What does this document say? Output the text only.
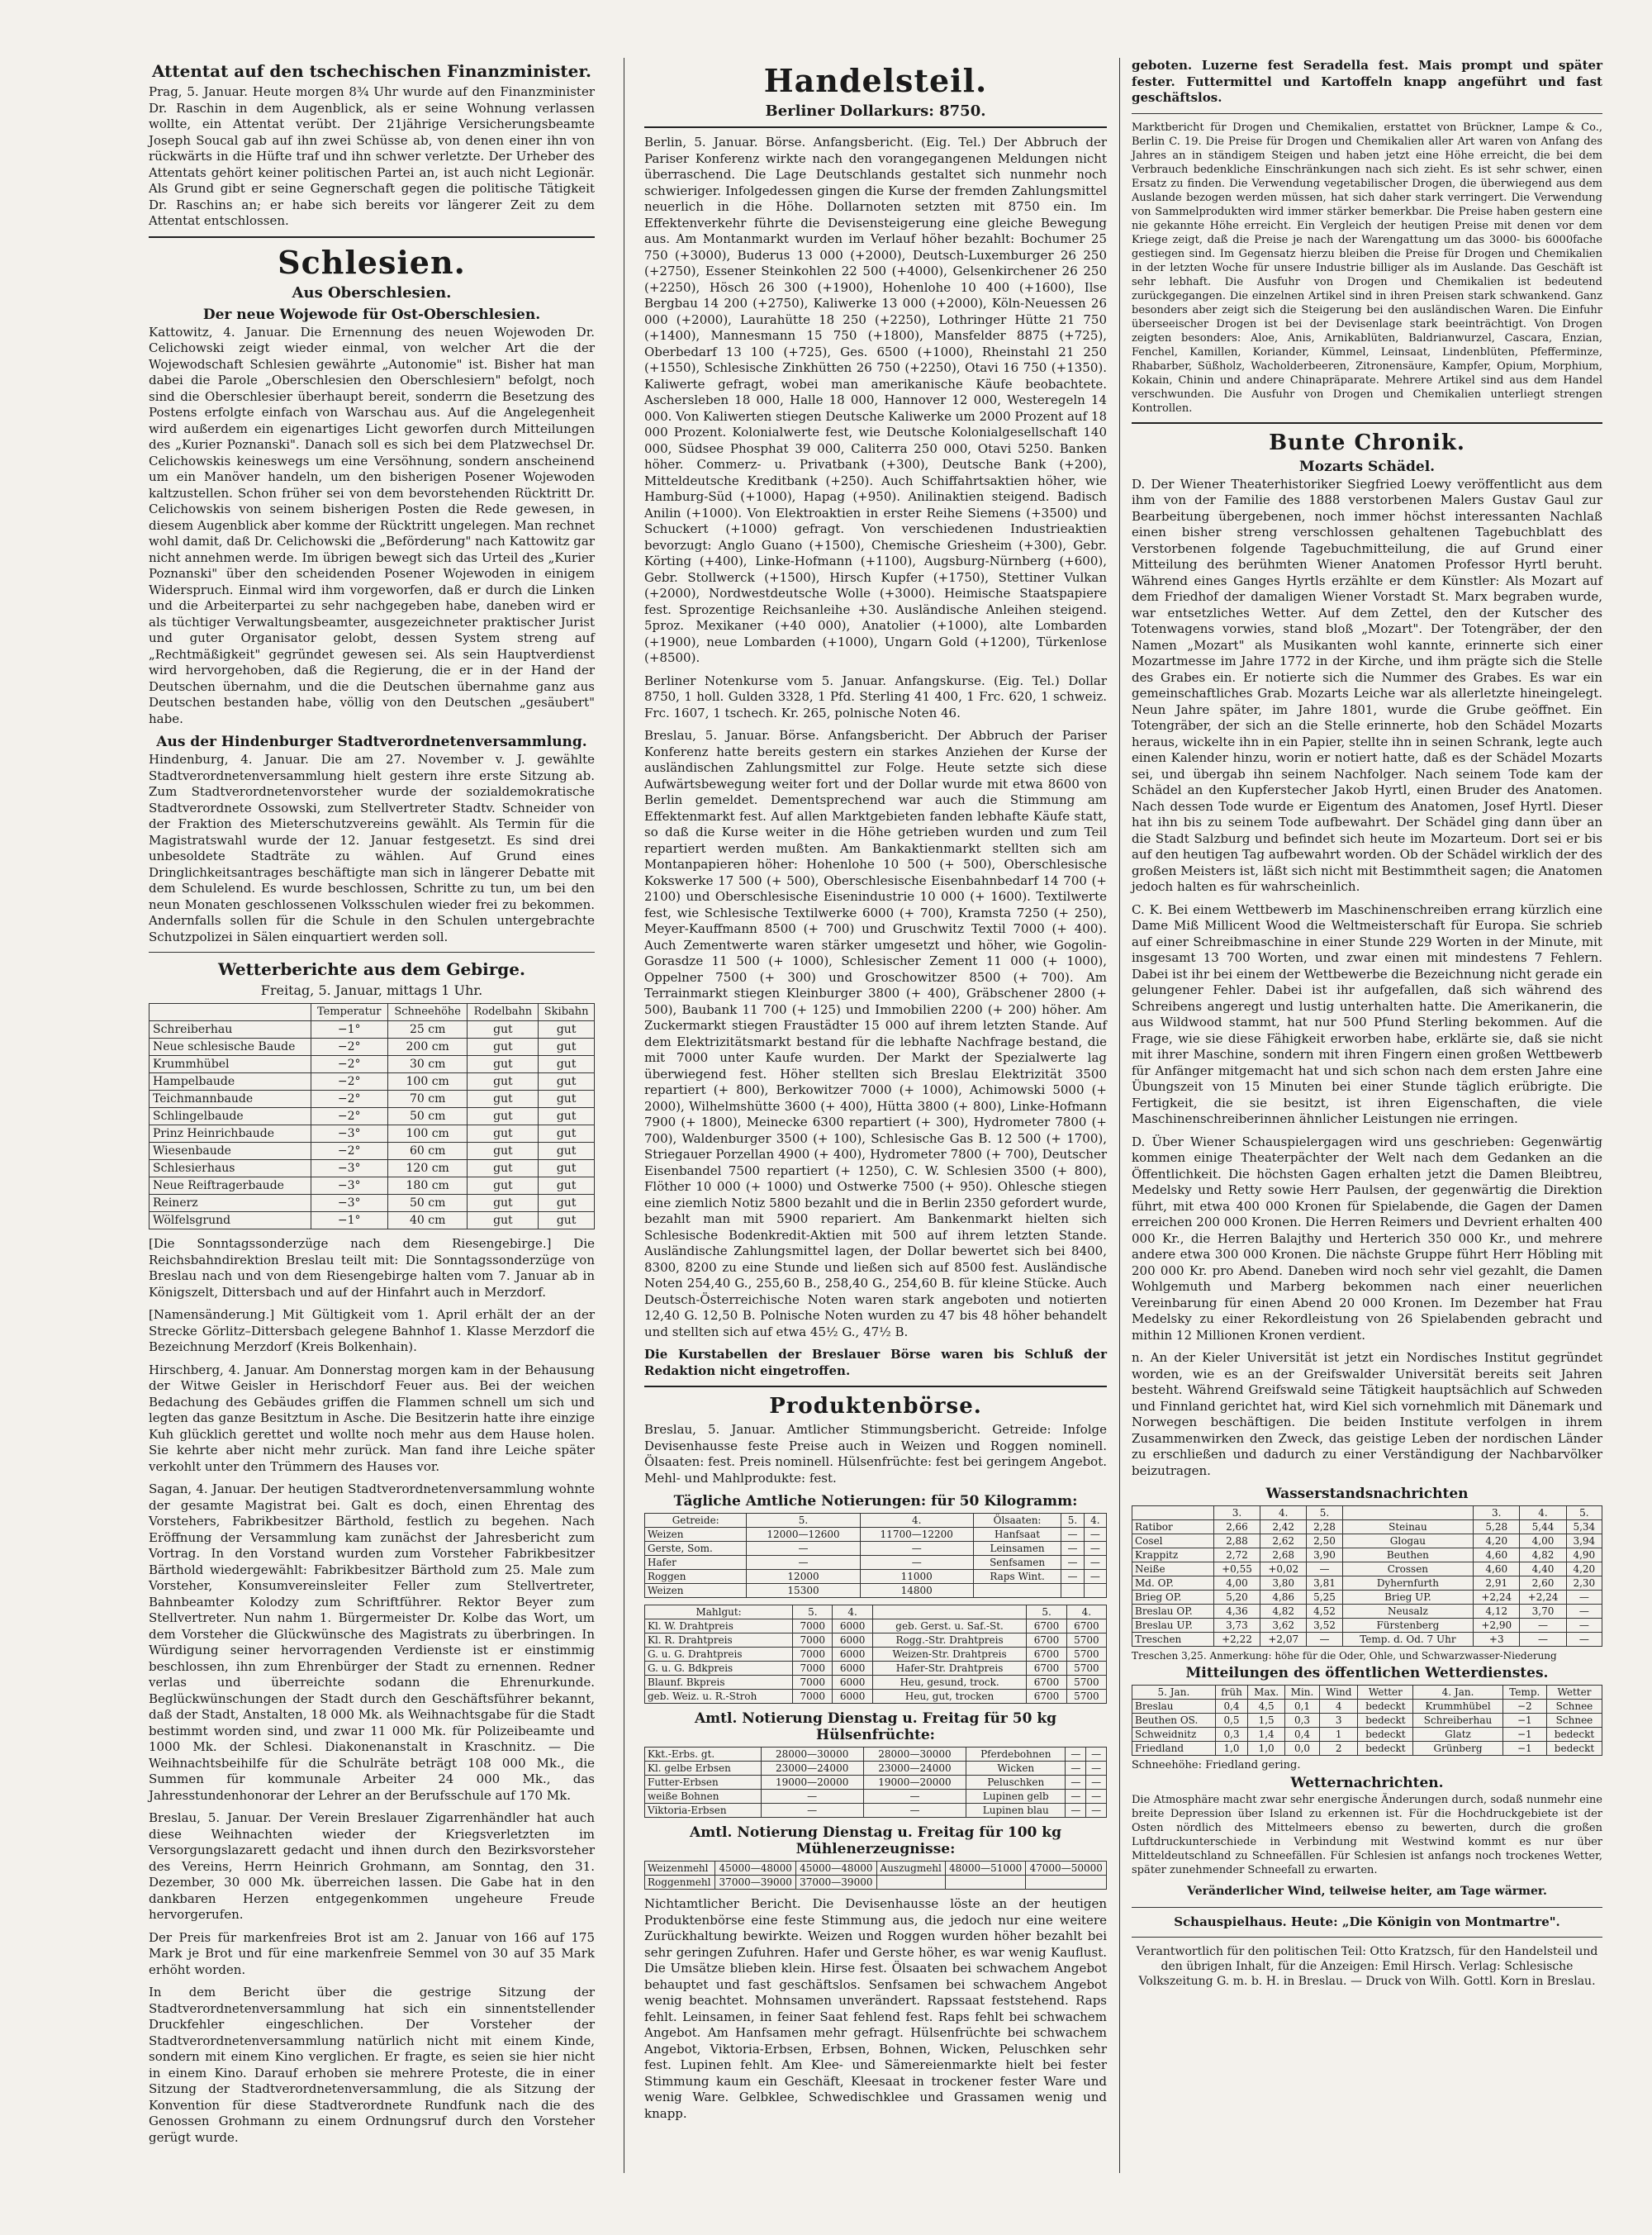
Attentat auf den tschechischen Finanzminister.

Prag, 5. Januar. Heute morgen 8¾ Uhr wurde auf den Finanzminister Dr. Raschin in dem Augenblick, als er seine Wohnung verlassen wollte, ein Attentat verübt. Der 21jährige Versicherungsbeamte Joseph Soucal gab auf ihn zwei Schüsse ab, von denen einer ihn von rückwärts in die Hüfte traf und ihn schwer verletzte. Der Urheber des Attentats gehört keiner politischen Partei an, ist auch nicht Legionär. Als Grund gibt er seine Gegnerschaft gegen die politische Tätigkeit Dr. Raschins an; er habe sich bereits vor längerer Zeit zu dem Attentat entschlossen.

Schlesien.
Aus Oberschlesien.
Der neue Wojewode für Ost-Oberschlesien.

Kattowitz, 4. Januar. Die Ernennung des neuen Wojewoden Dr. Celichowski zeigt wieder einmal, von welcher Art die der Wojewodschaft Schlesien gewährte „Autonomie" ist. Bisher hat man dabei die Parole „Oberschlesien den Oberschlesiern" befolgt, noch sind die Oberschlesier überhaupt bereit, sonderrn die Besetzung des Postens erfolgte einfach von Warschau aus. Auf die Angelegenheit wird außerdem ein eigenartiges Licht geworfen durch Mitteilungen des „Kurier Poznanski". Danach soll es sich bei dem Platzwechsel Dr. Celichowskis keineswegs um eine Versöhnung, sondern anscheinend um ein Manöver handeln, um den bisherigen Posener Wojewoden kaltzustellen. Schon früher sei von dem bevorstehenden Rücktritt Dr. Celichowskis von seinem bisherigen Posten die Rede gewesen, in diesem Augenblick aber komme der Rücktritt ungelegen. Man rechnet wohl damit, daß Dr. Celichowski die „Beförderung" nach Kattowitz gar nicht annehmen werde. Im übrigen bewegt sich das Urteil des „Kurier Poznanski" über den scheidenden Posener Wojewoden in einigem Widerspruch. Einmal wird ihm vorgeworfen, daß er durch die Linken und die Arbeiterpartei zu sehr nachgegeben habe, daneben wird er als tüchtiger Verwaltungsbeamter, ausgezeichneter praktischer Jurist und guter Organisator gelobt, dessen System streng auf „Rechtmäßigkeit" gegründet gewesen sei. Als sein Hauptverdienst wird hervorgehoben, daß die Regierung, die er in der Hand der Deutschen übernahm, und die die Deutschen übernahme ganz aus Deutschen bestanden habe, völlig von den Deutschen „gesäubert" habe.

Aus der Hindenburger Stadtverordnetenversammlung.

Hindenburg, 4. Januar. Die am 27. November v. J. gewählte Stadtverordnetenversammlung hielt gestern ihre erste Sitzung ab. Zum Stadtverordnetenvorsteher wurde der sozialdemokratische Stadtverordnete Ossowski, zum Stellvertreter Stadtv. Schneider von der Fraktion des Mieterschutzvereins gewählt. Als Termin für die Magistratswahl wurde der 12. Januar festgesetzt. Es sind drei unbesoldete Stadträte zu wählen. Auf Grund eines Dringlichkeitsantrages beschäftigte man sich in längerer Debatte mit dem Schulelend. Es wurde beschlossen, Schritte zu tun, um bei den neun Monaten geschlossenen Volksschulen wieder frei zu bekommen. Andernfalls sollen für die Schule in den Schulen untergebrachte Schutzpolizei in Sälen einquartiert werden soll.

Wetterberichte aus dem Gebirge.
Freitag, 5. Januar, mittags 1 Uhr.
	Temperatur	Schneehöhe	Rodelbahn	Skibahn
Schreiberhau	−1°	25 cm	gut	gut
Neue schlesische Baude	−2°	200 cm	gut	gut
Krummhübel	−2°	30 cm	gut	gut
Hampelbaude	−2°	100 cm	gut	gut
Teichmannbaude	−2°	70 cm	gut	gut
Schlingelbaude	−2°	50 cm	gut	gut
Prinz Heinrichbaude	−3°	100 cm	gut	gut
Wiesenbaude	−2°	60 cm	gut	gut
Schlesierhaus	−3°	120 cm	gut	gut
Neue Reiftragerbaude	−3°	180 cm	gut	gut
Reinerz	−3°	50 cm	gut	gut
Wölfelsgrund	−1°	40 cm	gut	gut

[Die Sonntagssonderzüge nach dem Riesengebirge.] Die Reichsbahndirektion Breslau teilt mit: Die Sonntagssonderzüge von Breslau nach und von dem Riesengebirge halten vom 7. Januar ab in Königszelt, Dittersbach und auf der Hinfahrt auch in Merzdorf.

[Namensänderung.] Mit Gültigkeit vom 1. April erhält der an der Strecke Görlitz–Dittersbach gelegene Bahnhof 1. Klasse Merzdorf die Bezeichnung Merzdorf (Kreis Bolkenhain).

Hirschberg, 4. Januar. Am Donnerstag morgen kam in der Behausung der Witwe Geisler in Herischdorf Feuer aus. Bei der weichen Bedachung des Gebäudes griffen die Flammen schnell um sich und legten das ganze Besitztum in Asche. Die Besitzerin hatte ihre einzige Kuh glücklich gerettet und wollte noch mehr aus dem Hause holen. Sie kehrte aber nicht mehr zurück. Man fand ihre Leiche später verkohlt unter den Trümmern des Hauses vor.

Sagan, 4. Januar. Der heutigen Stadtverordnetenversammlung wohnte der gesamte Magistrat bei. Galt es doch, einen Ehrentag des Vorstehers, Fabrikbesitzer Bärthold, festlich zu begehen. Nach Eröffnung der Versammlung kam zunächst der Jahresbericht zum Vortrag. In den Vorstand wurden zum Vorsteher Fabrikbesitzer Bärthold wiedergewählt: Fabrikbesitzer Bärthold zum 25. Male zum Vorsteher, Konsumvereinsleiter Feller zum Stellvertreter, Bahnbeamter Kolodzy zum Schriftführer. Rektor Beyer zum Stellvertreter. Nun nahm 1. Bürgermeister Dr. Kolbe das Wort, um dem Vorsteher die Glückwünsche des Magistrats zu überbringen. In Würdigung seiner hervorragenden Verdienste ist er einstimmig beschlossen, ihn zum Ehrenbürger der Stadt zu ernennen. Redner verlas und überreichte sodann die Ehrenurkunde. Beglückwünschungen der Stadt durch den Geschäftsführer bekannt, daß der Stadt, Anstalten, 18 000 Mk. als Weihnachtsgabe für die Stadt bestimmt worden sind, und zwar 11 000 Mk. für Polizeibeamte und 1000 Mk. der Schlesi. Diakonenanstalt in Kraschnitz. — Die Weihnachtsbeihilfe für die Schulräte beträgt 108 000 Mk., die Summen für kommunale Arbeiter 24 000 Mk., das Jahresstundenhonorar der Lehrer an der Berufsschule auf 170 Mk.

Breslau, 5. Januar. Der Verein Breslauer Zigarrenhändler hat auch diese Weihnachten wieder der Kriegsverletzten im Versorgungslazarett gedacht und ihnen durch den Bezirksvorsteher des Vereins, Herrn Heinrich Grohmann, am Sonntag, den 31. Dezember, 30 000 Mk. überreichen lassen. Die Gabe hat in den dankbaren Herzen entgegenkommen ungeheure Freude hervorgerufen.

Der Preis für markenfreies Brot ist am 2. Januar von 166 auf 175 Mark je Brot und für eine markenfreie Semmel von 30 auf 35 Mark erhöht worden.

In dem Bericht über die gestrige Sitzung der Stadtverordnetenversammlung hat sich ein sinnentstellender Druckfehler eingeschlichen. Der Vorsteher der Stadtverordnetenversammlung natürlich nicht mit einem Kinde, sondern mit einem Kino verglichen. Er fragte, es seien sie hier nicht in einem Kino. Darauf erhoben sie mehrere Proteste, die in einer Sitzung der Stadtverordnetenversammlung, die als Sitzung der Konvention für diese Stadtverordnete Rundfunk nach die des Genossen Grohmann zu einem Ordnungsruf durch den Vorsteher gerügt wurde.

Handelsteil.
Berliner Dollarkurs: 8750.

Berlin, 5. Januar. Börse. Anfangsbericht. (Eig. Tel.) Der Abbruch der Pariser Konferenz wirkte nach den vorangegangenen Meldungen nicht überraschend. Die Lage Deutschlands gestaltet sich nunmehr noch schwieriger. Infolgedessen gingen die Kurse der fremden Zahlungsmittel neuerlich in die Höhe. Dollarnoten setzten mit 8750 ein. Im Effektenverkehr führte die Devisensteigerung eine gleiche Bewegung aus. Am Montanmarkt wurden im Verlauf höher bezahlt: Bochumer 25 750 (+3000), Buderus 13 000 (+2000), Deutsch-Luxemburger 26 250 (+2750), Essener Steinkohlen 22 500 (+4000), Gelsenkirchener 26 250 (+2250), Hösch 26 300 (+1900), Hohenlohe 10 400 (+1600), Ilse Bergbau 14 200 (+2750), Kaliwerke 13 000 (+2000), Köln-Neuessen 26 000 (+2000), Laurahütte 18 250 (+2250), Lothringer Hütte 21 750 (+1400), Mannesmann 15 750 (+1800), Mansfelder 8875 (+725), Oberbedarf 13 100 (+725), Ges. 6500 (+1000), Rheinstahl 21 250 (+1550), Schlesische Zinkhütten 26 750 (+2250), Otavi 16 750 (+1350). Kaliwerte gefragt, wobei man amerikanische Käufe beobachtete. Aschersleben 18 000, Halle 18 000, Hannover 12 000, Westeregeln 14 000. Von Kaliwerten stiegen Deutsche Kaliwerke um 2000 Prozent auf 18 000 Prozent. Kolonialwerte fest, wie Deutsche Kolonialgesellschaft 140 000, Südsee Phosphat 39 000, Caliterra 250 000, Otavi 5250. Banken höher. Commerz- u. Privatbank (+300), Deutsche Bank (+200), Mitteldeutsche Kreditbank (+250). Auch Schiffahrtsaktien höher, wie Hamburg-Süd (+1000), Hapag (+950). Anilinaktien steigend. Badisch Anilin (+1000). Von Elektroaktien in erster Reihe Siemens (+3500) und Schuckert (+1000) gefragt. Von verschiedenen Industrieaktien bevorzugt: Anglo Guano (+1500), Chemische Griesheim (+300), Gebr. Körting (+400), Linke-Hofmann (+1100), Augsburg-Nürnberg (+600), Gebr. Stollwerck (+1500), Hirsch Kupfer (+1750), Stettiner Vulkan (+2000), Nordwestdeutsche Wolle (+3000). Heimische Staatspapiere fest. Sprozentige Reichsanleihe +30. Ausländische Anleihen steigend. 5proz. Mexikaner (+40 000), Anatolier (+1000), alte Lombarden (+1900), neue Lombarden (+1000), Ungarn Gold (+1200), Türkenlose (+8500).

Berliner Notenkurse vom 5. Januar. Anfangskurse. (Eig. Tel.) Dollar 8750, 1 holl. Gulden 3328, 1 Pfd. Sterling 41 400, 1 Frc. 620, 1 schweiz. Frc. 1607, 1 tschech. Kr. 265, polnische Noten 46.

Breslau, 5. Januar. Börse. Anfangsbericht. Der Abbruch der Pariser Konferenz hatte bereits gestern ein starkes Anziehen der Kurse der ausländischen Zahlungsmittel zur Folge. Heute setzte sich diese Aufwärtsbewegung weiter fort und der Dollar wurde mit etwa 8600 von Berlin gemeldet. Dementsprechend war auch die Stimmung am Effektenmarkt fest. Auf allen Marktgebieten fanden lebhafte Käufe statt, so daß die Kurse weiter in die Höhe getrieben wurden und zum Teil repartiert werden mußten. Am Bankaktienmarkt stellten sich am Montanpapieren höher: Hohenlohe 10 500 (+ 500), Oberschlesische Kokswerke 17 500 (+ 500), Oberschlesische Eisenbahnbedarf 14 700 (+ 2100) und Oberschlesische Eisenindustrie 10 000 (+ 1600). Textilwerte fest, wie Schlesische Textilwerke 6000 (+ 700), Kramsta 7250 (+ 250), Meyer-Kauffmann 8500 (+ 700) und Gruschwitz Textil 7000 (+ 400). Auch Zementwerte waren stärker umgesetzt und höher, wie Gogolin-Gorasdze 11 500 (+ 1000), Schlesischer Zement 11 000 (+ 1000), Oppelner 7500 (+ 300) und Groschowitzer 8500 (+ 700). Am Terrainmarkt stiegen Kleinburger 3800 (+ 400), Gräbschener 2800 (+ 500), Baubank 11 700 (+ 125) und Immobilien 2200 (+ 200) höher. Am Zuckermarkt stiegen Fraustädter 15 000 auf ihrem letzten Stande. Auf dem Elektrizitätsmarkt bestand für die lebhafte Nachfrage bestand, die mit 7000 unter Kaufe wurden. Der Markt der Spezialwerte lag überwiegend fest. Höher stellten sich Breslau Elektrizität 3500 repartiert (+ 800), Berkowitzer 7000 (+ 1000), Achimowski 5000 (+ 2000), Wilhelmshütte 3600 (+ 400), Hütta 3800 (+ 800), Linke-Hofmann 7900 (+ 1800), Meinecke 6300 repartiert (+ 300), Hydrometer 7800 (+ 700), Waldenburger 3500 (+ 100), Schlesische Gas B. 12 500 (+ 1700), Striegauer Porzellan 4900 (+ 400), Hydrometer 7800 (+ 700), Deutscher Eisenbandel 7500 repartiert (+ 1250), C. W. Schlesien 3500 (+ 800), Flöther 10 000 (+ 1000) und Ostwerke 7500 (+ 950). Ohlesche stiegen eine ziemlich Notiz 5800 bezahlt und die in Berlin 2350 gefordert wurde, bezahlt man mit 5900 repariert. Am Bankenmarkt hielten sich Schlesische Bodenkredit-Aktien mit 500 auf ihrem letzten Stande. Ausländische Zahlungsmittel lagen, der Dollar bewertet sich bei 8400, 8300, 8200 zu eine Stunde und ließen sich auf 8500 fest. Ausländische Noten 254,40 G., 255,60 B., 258,40 G., 254,60 B. für kleine Stücke. Auch Deutsch-Österreichische Noten waren stark angeboten und notierten 12,40 G. 12,50 B. Polnische Noten wurden zu 47 bis 48 höher behandelt und stellten sich auf etwa 45½ G., 47½ B.

Die Kurstabellen der Breslauer Börse waren bis Schluß der Redaktion nicht eingetroffen.

Produktenbörse.

Breslau, 5. Januar. Amtlicher Stimmungsbericht. Getreide: Infolge Devisenhausse feste Preise auch in Weizen und Roggen nominell. Ölsaaten: fest. Preis nominell. Hülsenfrüchte: fest bei geringem Angebot. Mehl- und Mahlprodukte: fest.

Tägliche Amtliche Notierungen: für 50 Kilogramm:
Getreide:	5.	4.	Ölsaaten:	5.	4.
Weizen	12000—12600	11700—12200	Hanfsaat	—	—
Gerste, Som.	—	—	Leinsamen	—	—
Hafer	—	—	Senfsamen	—	—
Roggen	12000	11000	Raps Wint.	—	—
Weizen	15300	14800			
Mahlgut:	5.	4.		5.	4.
Kl. W. Drahtpreis	7000	6000	geb. Gerst. u. Saf.-St.	6700	6700
Kl. R. Drahtpreis	7000	6000	Rogg.-Str. Drahtpreis	6700	5700
G. u. G. Drahtpreis	7000	6000	Weizen-Str. Drahtpreis	6700	5700
G. u. G. Bdkpreis	7000	6000	Hafer-Str. Drahtpreis	6700	5700
Blaunf. Bkpreis	7000	6000	Heu, gesund, trock.	6700	5700
geb. Weiz. u. R.-Stroh	7000	6000	Heu, gut, trocken	6700	5700
Amtl. Notierung Dienstag u. Freitag für 50 kg Hülsenfrüchte:
Kkt.-Erbs. gt.	28000—30000	28000—30000	Pferdebohnen	—	—
Kl. gelbe Erbsen	23000—24000	23000—24000	Wicken	—	—
Futter-Erbsen	19000—20000	19000—20000	Peluschken	—	—
weiße Bohnen	—	—	Lupinen gelb	—	—
Viktoria-Erbsen	—	—	Lupinen blau	—	—
Amtl. Notierung Dienstag u. Freitag für 100 kg Mühlenerzeugnisse:
Weizenmehl	45000—48000	45000—48000	Auszugmehl	48000—51000	47000—50000
Roggenmehl	37000—39000	37000—39000			

Nichtamtlicher Bericht. Die Devisenhausse löste an der heutigen Produktenbörse eine feste Stimmung aus, die jedoch nur eine weitere Zurückhaltung bewirkte. Weizen und Roggen wurden höher bezahlt bei sehr geringen Zufuhren. Hafer und Gerste höher, es war wenig Kauflust. Die Umsätze blieben klein. Hirse fest. Ölsaaten bei schwachem Angebot behauptet und fast geschäftslos. Senfsamen bei schwachem Angebot wenig beachtet. Mohnsamen unverändert. Rapssaat feststehend. Raps fehlt. Leinsamen, in feiner Saat fehlend fest. Raps fehlt bei schwachem Angebot. Am Hanfsamen mehr gefragt. Hülsenfrüchte bei schwachem Angebot, Viktoria-Erbsen, Erbsen, Bohnen, Wicken, Peluschken sehr fest. Lupinen fehlt. Am Klee- und Sämereienmarkte hielt bei fester Stimmung kaum ein Geschäft, Kleesaat in trockener fester Ware und wenig Ware. Gelbklee, Schwedischklee und Grassamen wenig und knapp.

geboten. Luzerne fest Seradella fest. Mais prompt und später fester. Futtermittel und Kartoffeln knapp angeführt und fast geschäftslos.

Marktbericht für Drogen und Chemikalien, erstattet von Brückner, Lampe & Co., Berlin C. 19. Die Preise für Drogen und Chemikalien aller Art waren von Anfang des Jahres an in ständigem Steigen und haben jetzt eine Höhe erreicht, die bei dem Verbrauch bedenkliche Einschränkungen nach sich zieht. Es ist sehr schwer, einen Ersatz zu finden. Die Verwendung vegetabilischer Drogen, die überwiegend aus dem Auslande bezogen werden müssen, hat sich daher stark verringert. Die Verwendung von Sammelprodukten wird immer stärker bemerkbar. Die Preise haben gestern eine nie gekannte Höhe erreicht. Ein Vergleich der heutigen Preise mit denen vor dem Kriege zeigt, daß die Preise je nach der Warengattung um das 3000- bis 6000fache gestiegen sind. Im Gegensatz hierzu bleiben die Preise für Drogen und Chemikalien in der letzten Woche für unsere Industrie billiger als im Auslande. Das Geschäft ist sehr lebhaft. Die Ausfuhr von Drogen und Chemikalien ist bedeutend zurückgegangen. Die einzelnen Artikel sind in ihren Preisen stark schwankend. Ganz besonders aber zeigt sich die Steigerung bei den ausländischen Waren. Die Einfuhr überseeischer Drogen ist bei der Devisenlage stark beeinträchtigt. Von Drogen zeigten besonders: Aloe, Anis, Arnikablüten, Baldrianwurzel, Cascara, Enzian, Fenchel, Kamillen, Koriander, Kümmel, Leinsaat, Lindenblüten, Pfefferminze, Rhabarber, Süßholz, Wacholderbeeren, Zitronensäure, Kampfer, Opium, Morphium, Kokain, Chinin und andere Chinapräparate. Mehrere Artikel sind aus dem Handel verschwunden. Die Ausfuhr von Drogen und Chemikalien unterliegt strengen Kontrollen.

Bunte Chronik.
Mozarts Schädel.

D. Der Wiener Theaterhistoriker Siegfried Loewy veröffentlicht aus dem ihm von der Familie des 1888 verstorbenen Malers Gustav Gaul zur Bearbeitung übergebenen, noch immer höchst interessanten Nachlaß einen bisher streng verschlossen gehaltenen Tagebuchblatt des Verstorbenen folgende Tagebuchmitteilung, die auf Grund einer Mitteilung des berühmten Wiener Anatomen Professor Hyrtl beruht. Während eines Ganges Hyrtls erzählte er dem Künstler: Als Mozart auf dem Friedhof der damaligen Wiener Vorstadt St. Marx begraben wurde, war entsetzliches Wetter. Auf dem Zettel, den der Kutscher des Totenwagens vorwies, stand bloß „Mozart". Der Totengräber, der den Namen „Mozart" als Musikanten wohl kannte, erinnerte sich einer Mozartmesse im Jahre 1772 in der Kirche, und ihm prägte sich die Stelle des Grabes ein. Er notierte sich die Nummer des Grabes. Es war ein gemeinschaftliches Grab. Mozarts Leiche war als allerletzte hineingelegt. Neun Jahre später, im Jahre 1801, wurde die Grube geöffnet. Ein Totengräber, der sich an die Stelle erinnerte, hob den Schädel Mozarts heraus, wickelte ihn in ein Papier, stellte ihn in seinen Schrank, legte auch einen Kalender hinzu, worin er notiert hatte, daß es der Schädel Mozarts sei, und übergab ihn seinem Nachfolger. Nach seinem Tode kam der Schädel an den Kupferstecher Jakob Hyrtl, einen Bruder des Anatomen. Nach dessen Tode wurde er Eigentum des Anatomen, Josef Hyrtl. Dieser hat ihn bis zu seinem Tode aufbewahrt. Der Schädel ging dann über an die Stadt Salzburg und befindet sich heute im Mozarteum. Dort sei er bis auf den heutigen Tag aufbewahrt worden. Ob der Schädel wirklich der des großen Meisters ist, läßt sich nicht mit Bestimmtheit sagen; die Anatomen jedoch halten es für wahrscheinlich.

C. K. Bei einem Wettbewerb im Maschinenschreiben errang kürzlich eine Dame Miß Millicent Wood die Weltmeisterschaft für Europa. Sie schrieb auf einer Schreibmaschine in einer Stunde 229 Worten in der Minute, mit insgesamt 13 700 Worten, und zwar einen mit mindestens 7 Fehlern. Dabei ist ihr bei einem der Wettbewerbe die Bezeichnung nicht gerade ein gelungener Fehler. Dabei ist ihr aufgefallen, daß sich während des Schreibens angeregt und lustig unterhalten hatte. Die Amerikanerin, die aus Wildwood stammt, hat nur 500 Pfund Sterling bekommen. Auf die Frage, wie sie diese Fähigkeit erworben habe, erklärte sie, daß sie nicht mit ihrer Maschine, sondern mit ihren Fingern einen großen Wettbewerb für Anfänger mitgemacht hat und sich schon nach dem ersten Jahre eine Übungszeit von 15 Minuten bei einer Stunde täglich erübrigte. Die Fertigkeit, die sie besitzt, ist ihren Eigenschaften, die viele Maschinenschreiberinnen ähnlicher Leistungen nie erringen.

D. Über Wiener Schauspielergagen wird uns geschrieben: Gegenwärtig kommen einige Theaterpächter der Welt nach dem Gedanken an die Öffentlichkeit. Die höchsten Gagen erhalten jetzt die Damen Bleibtreu, Medelsky und Retty sowie Herr Paulsen, der gegenwärtig die Direktion führt, mit etwa 400 000 Kronen für Spielabende, die Gagen der Damen erreichen 200 000 Kronen. Die Herren Reimers und Devrient erhalten 400 000 Kr., die Herren Balajthy und Herterich 350 000 Kr., und mehrere andere etwa 300 000 Kronen. Die nächste Gruppe führt Herr Höbling mit 200 000 Kr. pro Abend. Daneben wird noch sehr viel gezahlt, die Damen Wohlgemuth und Marberg bekommen nach einer neuerlichen Vereinbarung für einen Abend 20 000 Kronen. Im Dezember hat Frau Medelsky zu einer Rekordleistung von 26 Spielabenden gebracht und mithin 12 Millionen Kronen verdient.

n. An der Kieler Universität ist jetzt ein Nordisches Institut gegründet worden, wie es an der Greifswalder Universität bereits seit Jahren besteht. Während Greifswald seine Tätigkeit hauptsächlich auf Schweden und Finnland gerichtet hat, wird Kiel sich vornehmlich mit Dänemark und Norwegen beschäftigen. Die beiden Institute verfolgen in ihrem Zusammenwirken den Zweck, das geistige Leben der nordischen Länder zu erschließen und dadurch zu einer Verständigung der Nachbarvölker beizutragen.

Wasserstandsnachrichten
	3.	4.	5.		3.	4.	5.
Ratibor	2,66	2,42	2,28	Steinau	5,28	5,44	5,34
Cosel	2,88	2,62	2,50	Glogau	4,20	4,00	3,94
Krappitz	2,72	2,68	3,90	Beuthen	4,60	4,82	4,90
Neiße	+0,55	+0,02	—	Crossen	4,60	4,40	4,20
Md. OP.	4,00	3,80	3,81	Dyhernfurth	2,91	2,60	2,30
Brieg OP.	5,20	4,86	5,25	Brieg UP.	+2,24	+2,24	—
Breslau OP.	4,36	4,82	4,52	Neusalz	4,12	3,70	—
Breslau UP.	3,73	3,62	3,52	Fürstenberg	+2,90	—	—
Treschen	+2,22	+2,07	—	Temp. d. Od. 7 Uhr	+3	—	—
Treschen 3,25. Anmerkung: höhe für die Oder, Ohle, und Schwarzwasser-Niederung
Mitteilungen des öffentlichen Wetterdienstes.
5. Jan.	früh	Max.	Min.	Wind	Wetter	4. Jan.	Temp.	Wetter
Breslau	0,4	4,5	0,1	4	bedeckt	Krummhübel	−2	Schnee
Beuthen OS.	0,5	1,5	0,3	3	bedeckt	Schreiberhau	−1	Schnee
Schweidnitz	0,3	1,4	0,4	1	bedeckt	Glatz	−1	bedeckt
Friedland	1,0	1,0	0,0	2	bedeckt	Grünberg	−1	bedeckt
Schneehöhe: Friedland gering.
Wetternachrichten.

Die Atmosphäre macht zwar sehr energische Änderungen durch, sodaß nunmehr eine breite Depression über Island zu erkennen ist. Für die Hochdruckgebiete ist der Osten nördlich des Mittelmeers ebenso zu bewerten, durch die großen Luftdruckunterschiede in Verbindung mit Westwind kommt es nur über Mitteldeutschland zu Schneefällen. Für Schlesien ist anfangs noch trockenes Wetter, später zunehmender Schneefall zu erwarten.

Veränderlicher Wind, teilweise heiter, am Tage wärmer.

Schauspielhaus. Heute: „Die Königin von Montmartre".

Verantwortlich für den politischen Teil: Otto Kratzsch, für den Handelsteil und den übrigen Inhalt, für die Anzeigen: Emil Hirsch. Verlag: Schlesische Volkszeitung G. m. b. H. in Breslau. — Druck von Wilh. Gottl. Korn in Breslau.
